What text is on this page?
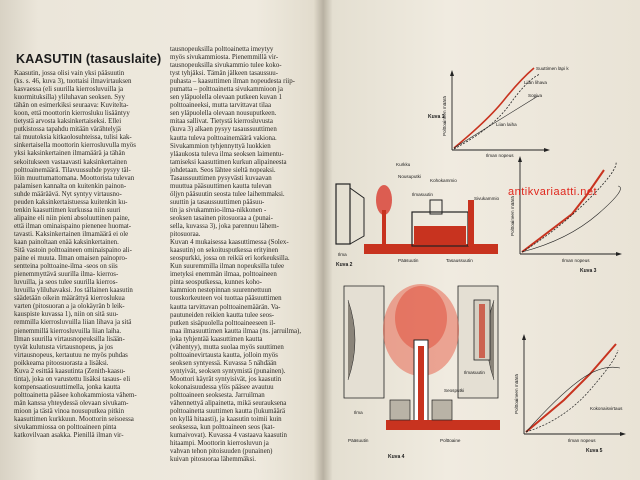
KAASUTIN (tasauslaite)
Kaasutin, jossa olisi vain yksi pääsuutin
(ks. s. 46, kuva 3), tuottaisi ilmavirtauksen
kasvaessa (eli suurilla kierrosluvuilla ja
kuormituksilla) yliluhavan seoksen. Syy
tähän on esimerkiksi seuraava: Kuvitelta-
koon, että moottorin kierrosluku lisääntyy
tietystä arvosta kaksinkertaiseksi. Ellei
putkistossa tapahdu mitään värähtelyjä
tai muutoksia kitkaolosuhteissa, tulisi kak-
sinkertaisella moottorin kierrosluvulla myös
yksi kaksinkertainen ilmamäärä ja tähän
sekoitukseen vastaavasti kaksinkertainen
polttoainemäärä. Tilavuussuhde pysyy täl-
löin muuttumattomana. Moottorista tulevan
palamisen kannalta on kuitenkin painon-
suhde määräävä. Nyt syntyy virtausno-
peuden kaksinkertaistuessa kuitenkin ku-
tenkin kaasuttimen kurkussa niin suuri
alipaine eli niin pieni absoluuttinen paine,
että ilman ominaispaino pienenee huomat-
tavasti. Kaksinkertainen ilmamäärä ei ole
kaan painoltaan enää kaksinkertainen.
Sitä vastoin polttoaineen ominaispaino ali-
paine ei muuta. Ilman omaisen painopro-
sentteina polttoaine-ilma -seos on siis
pienemmyttävä suurilla ilma- kierros-
luvuilla, ja seos tulee suurilla kierros-
luvuilla yliluhavaksi. Jos tällainen kaasutin
säädetään oikein määrättyä kierroslukua
varten (pitosuoran a ja olokäyrän b leik-
kauspiste kuvassa 1), niin on sitä suu-
remmilla kierrosluvuilla liian lihava ja sitä
pienemmillä kierrosluvuilla liian laiha.
Ilman suurilla virtausnopeuksilla lisään-
tyvät kulutusta virtausnopeus, ja jos
virtausnopeus, kertautuu ne myös puhdas
poikkeama pitoosuorasta a lisäksi.
Kuva 2 esittää kaasutinta (Zenith-kaasu-
tinta), joka on varustettu lisäksi tasaus- eli
kompensaatiosuuttimella, jonka kautta
polttoainetta pääsee kohokammiosta vähem-
män kanssa yhteydessä olevaan sivukam-
mioon ja tästä vinoa nousuputkea pitkin
kaasuttimen kurkkuun. Moottorin seisoessa
sivukammiossa on polttoaineen pinta
katkovilvaan asakka. Pienillä ilman vir-
tausnopeuksilla polttoainetta imeytyy
myös sivukammiosta. Pienemmillä vir-
tausnopeuksilla sivukammio tulee koko-
tyst tyhjäksi. Tämän jälkeen tasaussuu-
puhasta – kaasuttimen ilman nopeudesta riip-
pumatta – polttoainetta sivukammioon ja
sen yläpuolella olevaan putkeen kuvan 1
polttoaineeksi, mutta tarvittavat tilaa
sen yläpuolella olevaan nousuputkeen.
mitaa sallivat. Tietystä kierrosluvusta
(kuva 3) alkaen pysyy tasaussuuttimen
kautta tuleva polttoainemäärä vakiona.
Sivukammion tyhjennyttyä luokkien
yläaukosta tuleva ilma seoksen laimentu-
tamiseksi kaasuttimen kurkun alipaineesta
johdetaan. Seos lähtee sieltä nopeaksi.
Tasaussuuttimen pysyvästi kuvaavan
muuttua pääsuuttimen kautta tulevan
öljyn pääsuutin seosta tulee laihemmaksi.
suuttin ja tasaussuuttimen pääsuu-
tin ja sivukammio-ilma-nikkonen -
seoksen tasainen pitosuoraa a (punai-
sella, kuvassa 3), joka parennuu lähem-
pitosuoraa.
Kuvan 4 mukaisessa kaasuttimessa (Solex-
kaasutin) on sekoitusputkessa erityinen
seospurkki, jossa on reikiä eri korkeuksilla.
Kun suuremmilla ilman nopeuksilla tulee
imetyksi enemmän ilmaa, polttoaineen
pinta seosputkessa, kunnes koho-
kammion nestepinnan suurennettuun
touskorkeuteen voi tuottaa pääsuuttimen
kautta tarvittavan polttoainemäärän. Va-
pautuneiden reikien kautta tulee seos-
putken sisäpuolella polttoaineeseen il-
maa ilmasuuttimen kautta ilmaa (ns. jarruilma),
joka tyhjentää kaasuttimen kautta
(vähentyy), mutta suolaa myös suuttimen
polttoainevirtausta kautta, jolloin myös
seoksen syntyessä. Kuvassa 5 nähdään
syntyivät, seoksen syntymistä (punainen).
Moottori käyrät syntyisivät, jos kaasutin
kokonaisuudessa ylös pääsee avautuu
polttoaineen seoksesta. Jarruilman
vähennettyä alipainetta, mikä seurauksena
polttoainetta suuttimen kautta (lukumäärä
on kyllä hitaasti), ja kaasutin toimii kuin
seoksessa, kun polttoaineen seos (kat-
kumaivovat). Kuvassa 4 vastaava kaasutin
hitaampi. Moottorin kierrosluvun ja
vahvan tehon pitoisuuden (punainen)
kuivan pitosuoraa lähemmäksi.
Polttoaineen määrä
Ilman nopeus
Suuttimen läpi k
Liian lihava
Sopiva
Liian laiha
Kuva 1
Kurkku
Kohokammio
Nousuputki
Ilmasuutin
Pääsuutin	Tasaussuutin
Ilma
Sivukammio
Kuva 2
Polttoaineen määrä
Ilman nopeus
Kuva 3
Ilma
Ilmasuutin
Pääsuutin
Seosputki
Polttoaine
Kuva 4
Polttoaineen määrä
Ilman nopeus
Kokonaisvirtaus
Kuva 5
antikvariaatti.net
